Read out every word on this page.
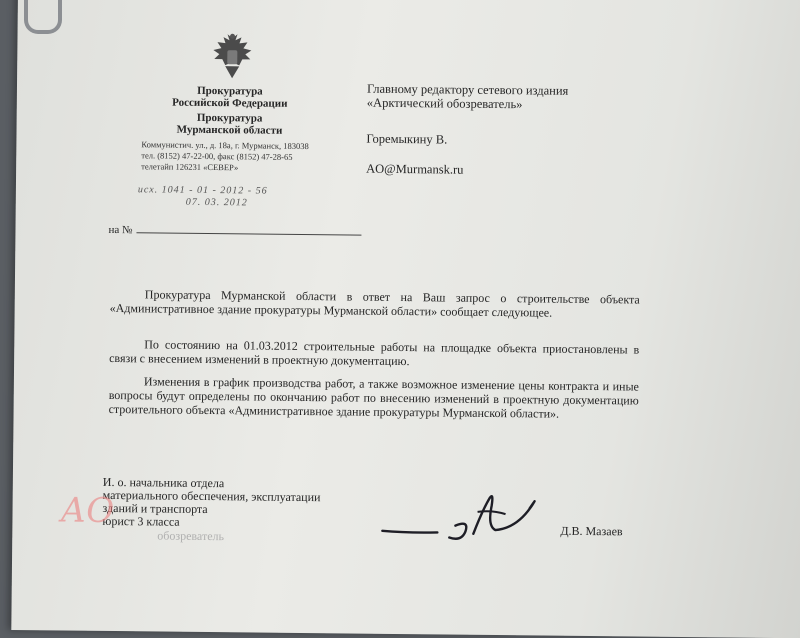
Прокуратура
Российской Федерации
Прокуратура
Мурманской области
Коммунистич. ул., д. 18а, г. Мурманск, 183038
тел. (8152) 47-22-00, факс (8152) 47-28-65
телетайп 126231 «СЕВЕР»
исх. 1041 - 01 - 2012 - 56
07. 03. 2012
на №
Главному редактору сетевого издания
«Арктический обозреватель»
Горемыкину В.
AO@Murmansk.ru
Прокуратура Мурманской области в ответ на Ваш запрос о строительстве объекта «Административное здание прокуратуры Мурманской области» сообщает следующее.
По состоянию на 01.03.2012 строительные работы на площадке объекта приостановлены в связи с внесением изменений в проектную документацию.
Изменения в график производства работ, а также возможное изменение цены контракта и иные вопросы будут определены по окончанию работ по внесению изменений в проектную документацию строительного объекта «Административное здание прокуратуры Мурманской области».
И. о. начальника отдела
материального обеспечения, эксплуатации
зданий и транспорта
юрист 3 класса
Д.В. Мазаев
АО
обозреватель
